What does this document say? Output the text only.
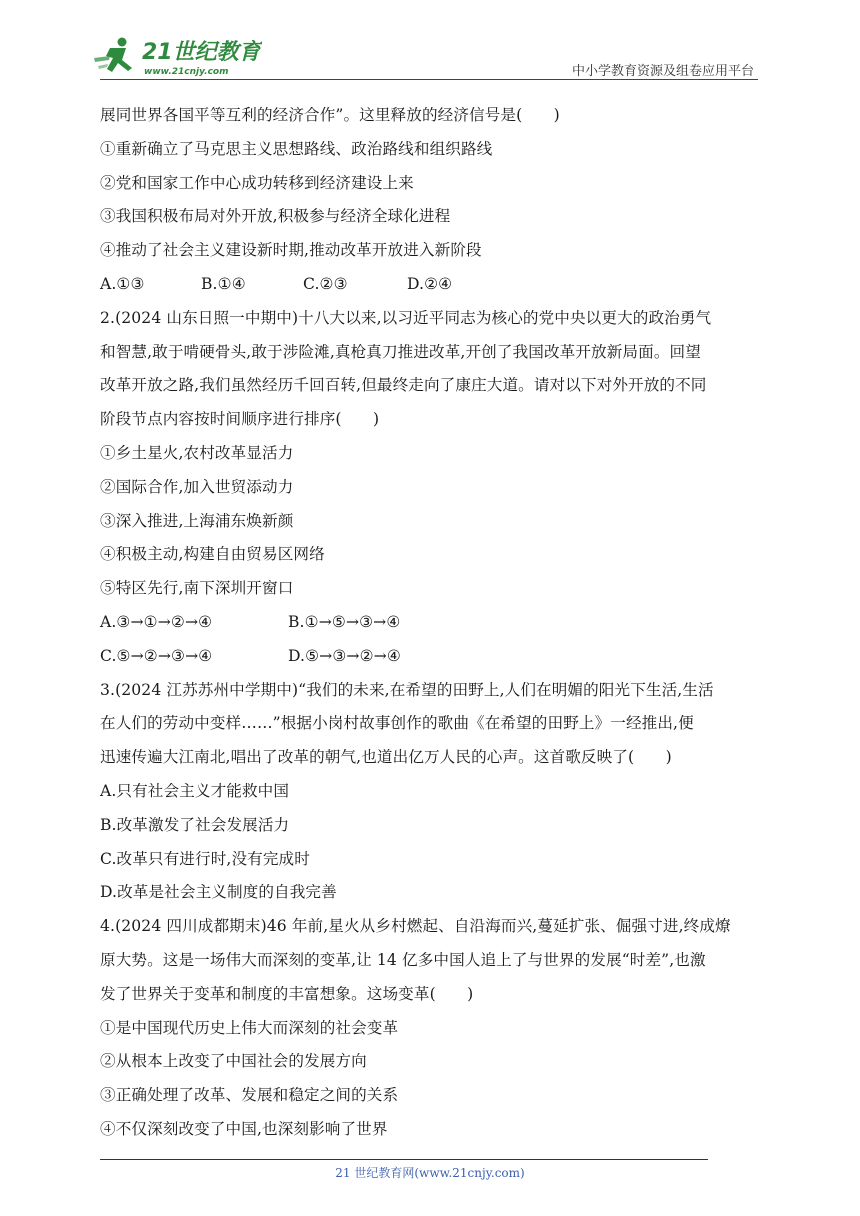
21世纪教育
www.21cnjy.com	中小学教育资源及组卷应用平台
展同世界各国平等互利的经济合作”。这里释放的经济信号是(　　)
①重新确立了马克思主义思想路线、政治路线和组织路线
②党和国家工作中心成功转移到经济建设上来
③我国积极布局对外开放,积极参与经济全球化进程
④推动了社会主义建设新时期,推动改革开放进入新阶段
A.①③	B.①④	C.②③	D.②④
2.(2024 山东日照一中期中)十八大以来,以习近平同志为核心的党中央以更大的政治勇气
和智慧,敢于啃硬骨头,敢于涉险滩,真枪真刀推进改革,开创了我国改革开放新局面。回望
改革开放之路,我们虽然经历千回百转,但最终走向了康庄大道。请对以下对外开放的不同
阶段节点内容按时间顺序进行排序(　　)
①乡土星火,农村改革显活力
②国际合作,加入世贸添动力
③深入推进,上海浦东焕新颜
④积极主动,构建自由贸易区网络
⑤特区先行,南下深圳开窗口
A.③→①→②→④	B.①→⑤→③→④
C.⑤→②→③→④	D.⑤→③→②→④
3.(2024 江苏苏州中学期中)“我们的未来,在希望的田野上,人们在明媚的阳光下生活,生活
在人们的劳动中变样……”根据小岗村故事创作的歌曲《在希望的田野上》一经推出,便
迅速传遍大江南北,唱出了改革的朝气,也道出亿万人民的心声。这首歌反映了(　　)
A.只有社会主义才能救中国
B.改革激发了社会发展活力
C.改革只有进行时,没有完成时
D.改革是社会主义制度的自我完善
4.(2024 四川成都期末)46 年前,星火从乡村燃起、自沿海而兴,蔓延扩张、倔强寸进,终成燎
原大势。这是一场伟大而深刻的变革,让 14 亿多中国人追上了与世界的发展“时差”,也激
发了世界关于变革和制度的丰富想象。这场变革(　　)
①是中国现代历史上伟大而深刻的社会变革
②从根本上改变了中国社会的发展方向
③正确处理了改革、发展和稳定之间的关系
④不仅深刻改变了中国,也深刻影响了世界
21 世纪教育网(www.21cnjy.com)
